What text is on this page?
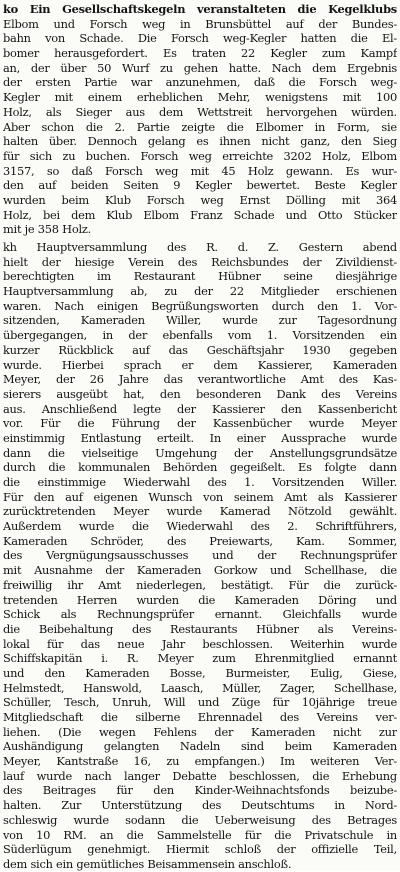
ko Ein Gesellschaftskegeln veranstalteten die Kegelklubs
Elbom und Forsch weg in Brunsbüttel auf der Bundes-
bahn von Schade. Die Forsch weg-Kegler hatten die El-
bomer herausgefordert. Es traten 22 Kegler zum Kampf
an, der über 50 Wurf zu gehen hatte. Nach dem Ergebnis
der ersten Partie war anzunehmen, daß die Forsch weg-
Kegler mit einem erheblichen Mehr, wenigstens mit 100
Holz, als Sieger aus dem Wettstreit hervorgehen würden.
Aber schon die 2. Partie zeigte die Elbomer in Form, sie
halten über. Dennoch gelang es ihnen nicht ganz, den Sieg
für sich zu buchen. Forsch weg erreichte 3202 Holz, Elbom
3157, so daß Forsch weg mit 45 Holz gewann. Es wur-
den auf beiden Seiten 9 Kegler bewertet. Beste Kegler
wurden beim Klub Forsch weg Ernst Dölling mit 364
Holz, bei dem Klub Elbom Franz Schade und Otto Stücker
mit je 358 Holz.
kh Hauptversammlung des R. d. Z. Gestern abend
hielt der hiesige Verein des Reichsbundes der Zivildienst-
berechtigten im Restaurant Hübner seine diesjährige
Hauptversammlung ab, zu der 22 Mitglieder erschienen
waren. Nach einigen Begrüßungsworten durch den 1. Vor-
sitzenden, Kameraden Willer, wurde zur Tagesordnung
übergegangen, in der ebenfalls vom 1. Vorsitzenden ein
kurzer Rückblick auf das Geschäftsjahr 1930 gegeben
wurde. Hierbei sprach er dem Kassierer, Kameraden
Meyer, der 26 Jahre das verantwortliche Amt des Kas-
sierers ausgeübt hat, den besonderen Dank des Vereins
aus. Anschließend legte der Kassierer den Kassenbericht
vor. Für die Führung der Kassenbücher wurde Meyer
einstimmig Entlastung erteilt. In einer Aussprache wurde
dann die vielseitige Umgehung der Anstellungsgrundsätze
durch die kommunalen Behörden gegeißelt. Es folgte dann
die einstimmige Wiederwahl des 1. Vorsitzenden Willer.
Für den auf eigenen Wunsch von seinem Amt als Kassierer
zurücktretenden Meyer wurde Kamerad Nötzold gewählt.
Außerdem wurde die Wiederwahl des 2. Schriftführers,
Kameraden Schröder, des Preiewarts, Kam. Sommer,
des Vergnügungsausschusses und der Rechnungsprüfer
mit Ausnahme der Kameraden Gorkow und Schellhase, die
freiwillig ihr Amt niederlegen, bestätigt. Für die zurück-
tretenden Herren wurden die Kameraden Döring und
Schick als Rechnungsprüfer ernannt. Gleichfalls wurde
die Beibehaltung des Restaurants Hübner als Vereins-
lokal für das neue Jahr beschlossen. Weiterhin wurde
Schiffskapitän i. R. Meyer zum Ehrenmitglied ernannt
und den Kameraden Bosse, Burmeister, Eulig, Giese,
Helmstedt, Hanswold, Laasch, Müller, Zager, Schellhase,
Schüller, Tesch, Unruh, Will und Züge für 10jährige treue
Mitgliedschaft die silberne Ehrennadel des Vereins ver-
liehen. (Die wegen Fehlens der Kameraden nicht zur
Aushändigung gelangten Nadeln sind beim Kameraden
Meyer, Kantstraße 16, zu empfangen.) Im weiteren Ver-
lauf wurde nach langer Debatte beschlossen, die Erhebung
des Beitrages für den Kinder-Weihnachtsfonds beizube-
halten. Zur Unterstützung des Deutschtums in Nord-
schleswig wurde sodann die Ueberweisung des Betrages
von 10 RM. an die Sammelstelle für die Privatschule in
Süderlügum genehmigt. Hiermit schloß der offizielle Teil,
dem sich ein gemütliches Beisammensein anschloß.
